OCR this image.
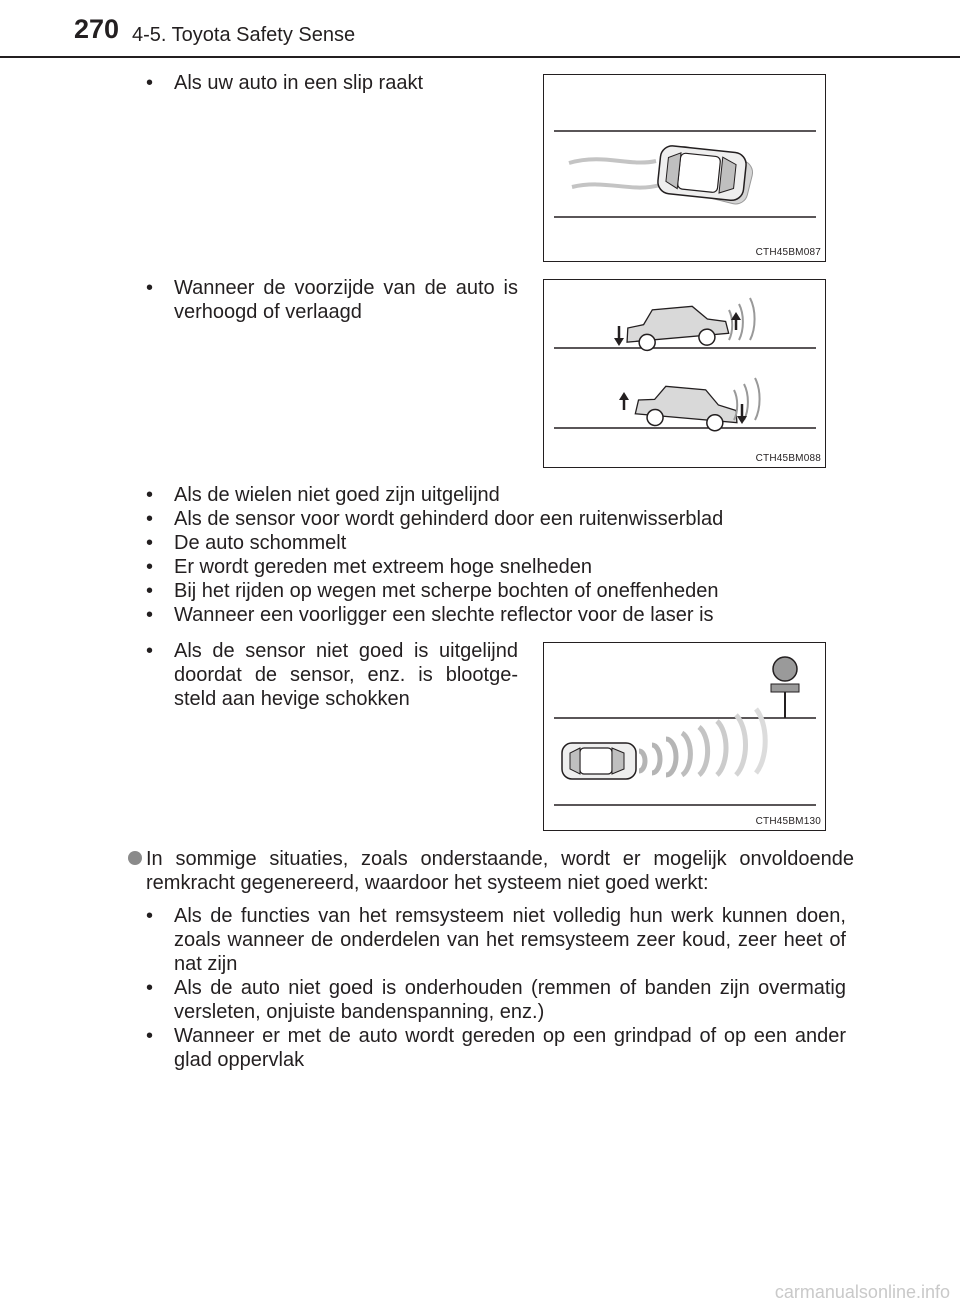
270 4-5. Toyota Safety Sense
• Als uw auto in een slip raakt
CTH45BM087
• Wanneer de voorzijde van de auto is verhoogd of verlaagd
CTH45BM088
• Als de wielen niet goed zijn uitgelijnd
• Als de sensor voor wordt gehinderd door een ruitenwisserblad
• De auto schommelt
• Er wordt gereden met extreem hoge snelheden
• Bij het rijden op wegen met scherpe bochten of oneffenheden
• Wanneer een voorligger een slechte reflector voor de laser is
• Als de sensor niet goed is uitgelijnd doordat de sensor, enz. is blootge-steld aan hevige schokken
CTH45BM130
In sommige situaties, zoals onderstaande, wordt er mogelijk onvoldoende remkracht gegenereerd, waardoor het systeem niet goed werkt:
• Als de functies van het remsysteem niet volledig hun werk kunnen doen, zoals wanneer de onderdelen van het remsysteem zeer koud, zeer heet of nat zijn
• Als de auto niet goed is onderhouden (remmen of banden zijn overmatig versleten, onjuiste bandenspanning, enz.)
• Wanneer er met de auto wordt gereden op een grindpad of op een ander glad oppervlak
carmanualsonline.info
